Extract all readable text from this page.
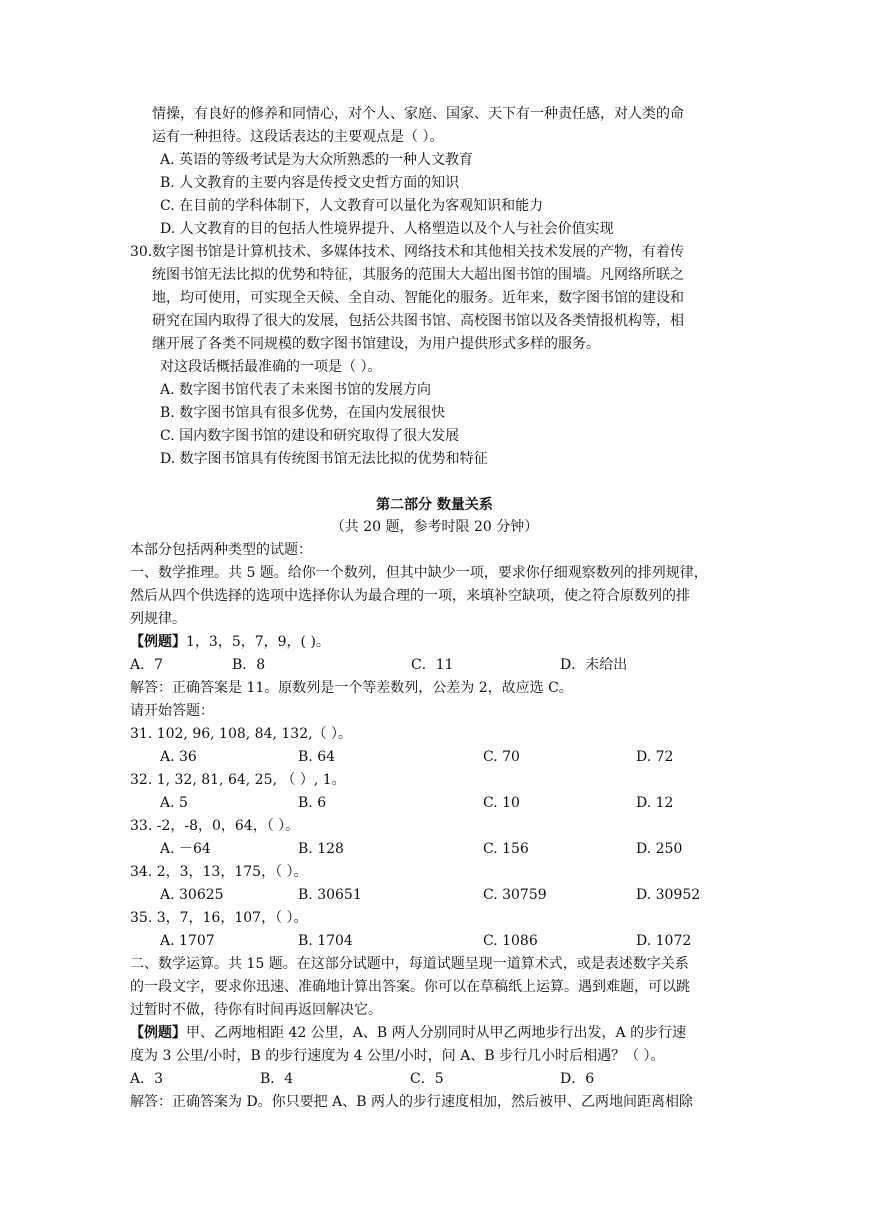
情操，有良好的修养和同情心，对个人、家庭、国家、天下有一种责任感，对人类的命
运有一种担待。这段话表达的主要观点是（ ）。
A. 英语的等级考试是为大众所熟悉的一种人文教育
B. 人文教育的主要内容是传授文史哲方面的知识
C. 在目前的学科体制下，人文教育可以量化为客观知识和能力
D. 人文教育的目的包括人性境界提升、人格塑造以及个人与社会价值实现
30. 数字图书馆是计算机技术、多媒体技术、网络技术和其他相关技术发展的产物，有着传
统图书馆无法比拟的优势和特征，其服务的范围大大超出图书馆的围墙。凡网络所联之
地，均可使用，可实现全天候、全自动、智能化的服务。近年来，数字图书馆的建设和
研究在国内取得了很大的发展，包括公共图书馆、高校图书馆以及各类情报机构等，相
继开展了各类不同规模的数字图书馆建设，为用户提供形式多样的服务。
对这段话概括最准确的一项是（ ）。
A. 数字图书馆代表了未来图书馆的发展方向
B. 数字图书馆具有很多优势，在国内发展很快
C. 国内数字图书馆的建设和研究取得了很大发展
D. 数字图书馆具有传统图书馆无法比拟的优势和特征
第二部分 数量关系
（共 20 题，参考时限 20 分钟）
本部分包括两种类型的试题：
一、数学推理。共 5 题。给你一个数列，但其中缺少一项，要求你仔细观察数列的排列规律，
然后从四个供选择的选项中选择你认为最合理的一项，来填补空缺项，使之符合原数列的排
列规律。
【例题】1，3，5，7，9，( )。
A．7	B．8	C．11	D．未给出
解答：正确答案是 11。原数列是一个等差数列，公差为 2，故应选 C。
请开始答题：
31. 102, 96, 108, 84, 132,（ ）。
A. 36	B. 64	C. 70	D. 72
32. 1, 32, 81, 64, 25, （ ）, 1。
A. 5	B. 6	C. 10	D. 12
33. -2，-8，0，64，（ ）。
A. －64	B. 128	C. 156	D. 250
34. 2，3，13，175，（ ）。
A. 30625	B. 30651	C. 30759	D. 30952
35. 3，7，16，107，（ ）。
A. 1707	B. 1704	C. 1086	D. 1072
二、数学运算。共 15 题。在这部分试题中，每道试题呈现一道算术式，或是表述数字关系
的一段文字，要求你迅速、准确地计算出答案。你可以在草稿纸上运算。遇到难题，可以跳
过暂时不做，待你有时间再返回解决它。
【例题】甲、乙两地相距 42 公里，A、B 两人分别同时从甲乙两地步行出发，A 的步行速
度为 3 公里/小时，B 的步行速度为 4 公里/小时，问 A、B 步行几小时后相遇？（ ）。
A．3	B．4	C．5	D．6
解答：正确答案为 D。你只要把 A、B 两人的步行速度相加，然后被甲、乙两地间距离相除
